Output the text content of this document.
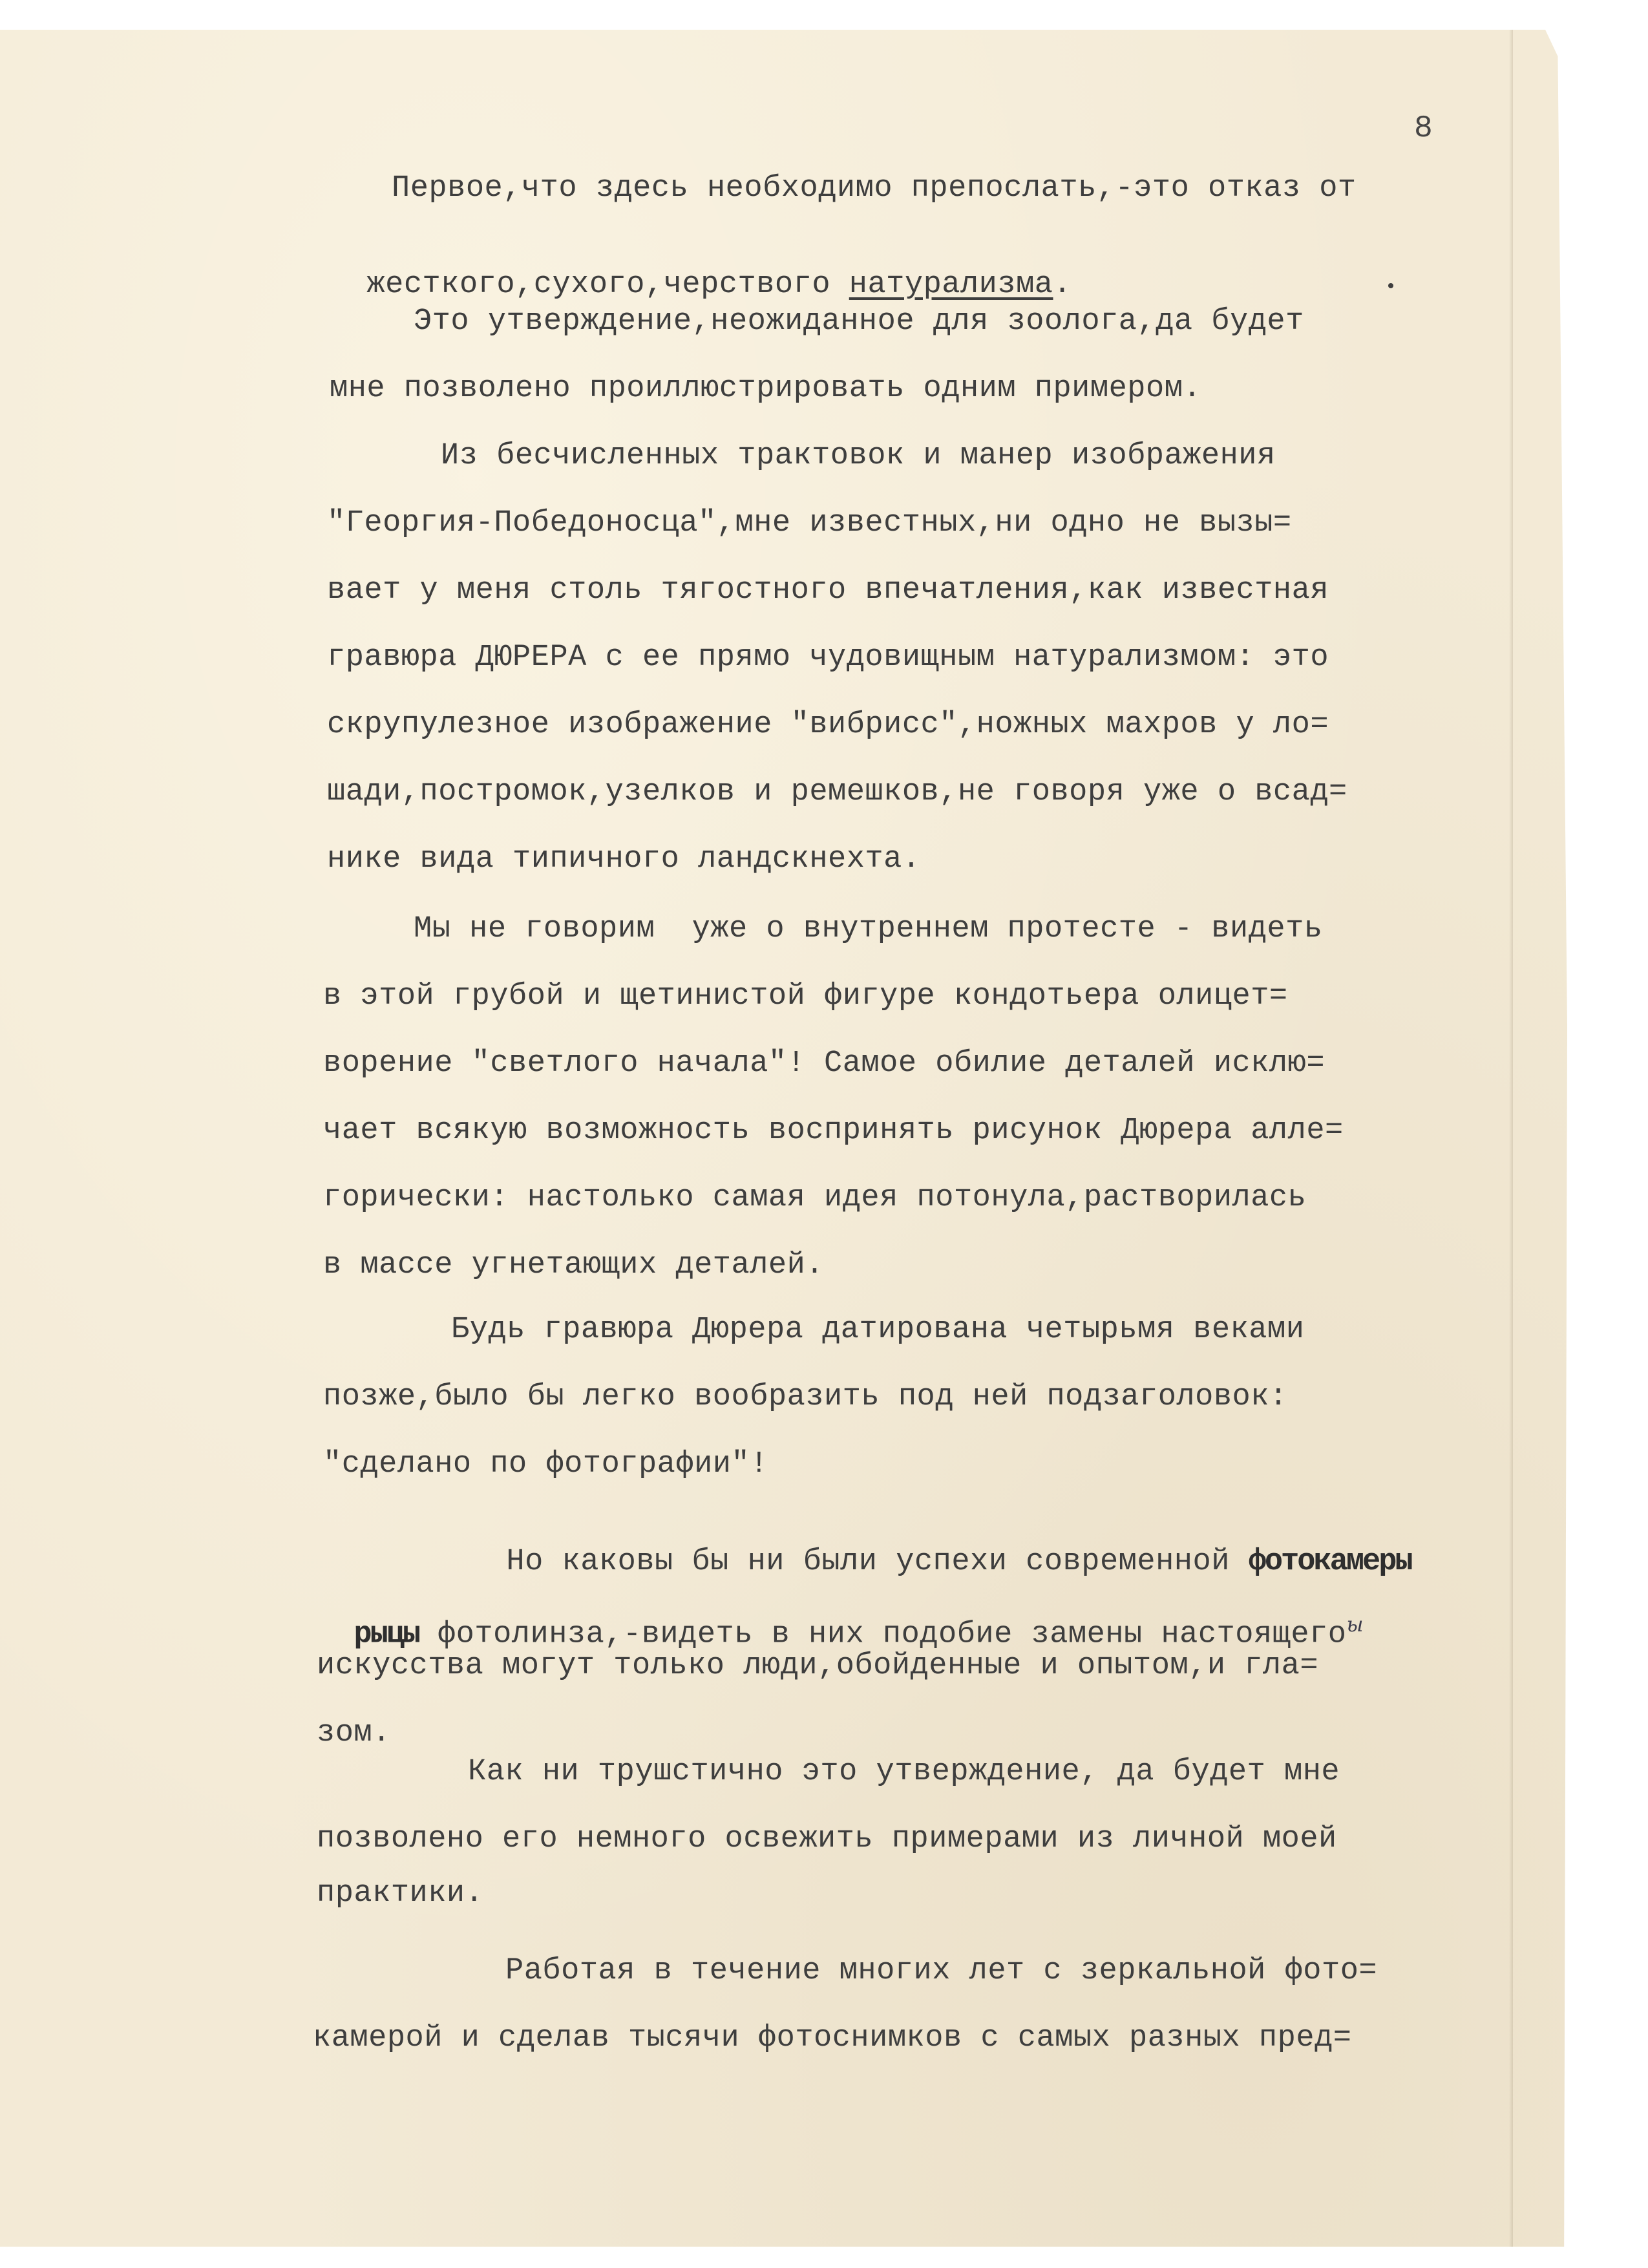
8
Первое,что здесь необходимо препослать,-это отказ от

жесткого,сухого,черствого натурализма.

Это утверждение,неожиданное для зоолога,да будет
мне позволено проиллюстрировать одним примером.
Из бесчисленных трактовок и манер изображения
"Георгия-Победоносца",мне известных,ни одно не вызы=
вает у меня столь тягостного впечатления,как известная
гравюра ДЮРЕРА с ее прямо чудовищным натурализмом: это
скрупулезное изображение "вибрисс",ножных махров у ло=
шади,постромок,узелков и ремешков,не говоря уже о всад=
нике вида типичного ландскнехта.
Мы не говорим  уже о внутреннем протесте - видеть
в этой грубой и щетинистой фигуре кондотьера олицет=
ворение "светлого начала"! Самое обилие деталей исклю=
чает всякую возможность воспринять рисунок Дюрера алле=
горически: настолько самая идея потонула,растворилась
в массе угнетающих деталей.
Будь гравюра Дюрера датирована четырьмя веками
позже,было бы легко вообразить под ней подзаголовок:
"сделано по фотографии"!

Но каковы бы ни были успехи современной фотокамеры

рыцы фотолинза,-видеть в них подобие замены настоящего$^ы$

искусства могут только люди,обойденные и опытом,и гла=
зом.
Как ни трушстично это утверждение, да будет мне
позволено его немного освежить примерами из личной моей
практики.
Работая в течение многих лет с зеркальной фото=
камерой и сделав тысячи фотоснимков с самых разных пред=
